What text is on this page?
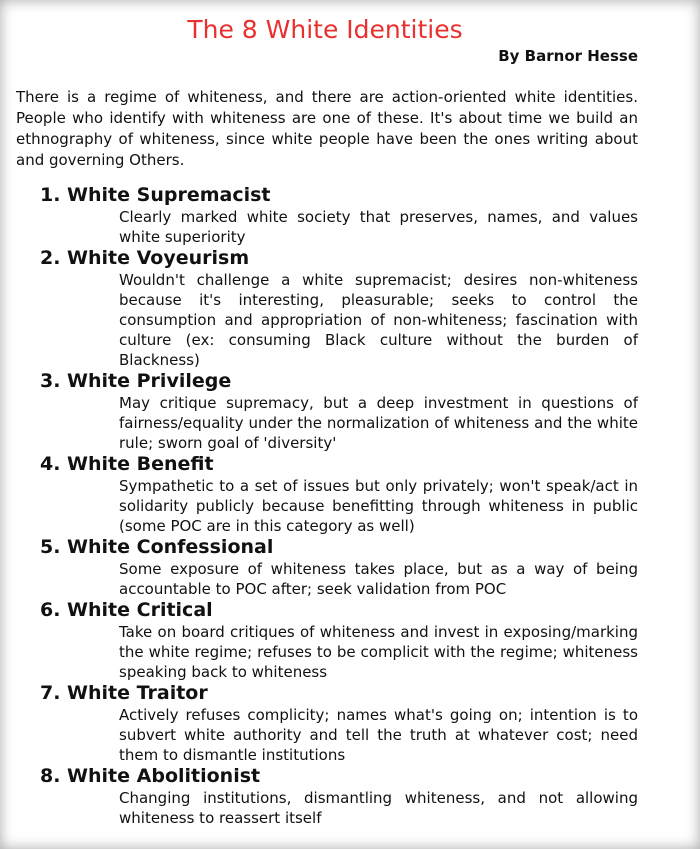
The 8 White Identities
By Barnor Hesse
There is a regime of whiteness, and there are action-oriented white identities. People who identify with whiteness are one of these. It's about time we build an ethnography of whiteness, since white people have been the ones writing about and governing Others.
1. White Supremacist
Clearly marked white society that preserves, names, and values white superiority
2. White Voyeurism
Wouldn't challenge a white supremacist; desires non-whiteness because it's interesting, pleasurable; seeks to control the consumption and appropriation of non-whiteness; fascination with culture (ex: consuming Black culture without the burden of Blackness)
3. White Privilege
May critique supremacy, but a deep investment in questions of fairness/equality under the normalization of whiteness and the white rule; sworn goal of 'diversity'
4. White Benefit
Sympathetic to a set of issues but only privately; won't speak/act in solidarity publicly because benefitting through whiteness in public (some POC are in this category as well)
5. White Confessional
Some exposure of whiteness takes place, but as a way of being accountable to POC after; seek validation from POC
6. White Critical
Take on board critiques of whiteness and invest in exposing/marking the white regime; refuses to be complicit with the regime; whiteness speaking back to whiteness
7. White Traitor
Actively refuses complicity; names what's going on; intention is to subvert white authority and tell the truth at whatever cost; need them to dismantle institutions
8. White Abolitionist
Changing institutions, dismantling whiteness, and not allowing whiteness to reassert itself
